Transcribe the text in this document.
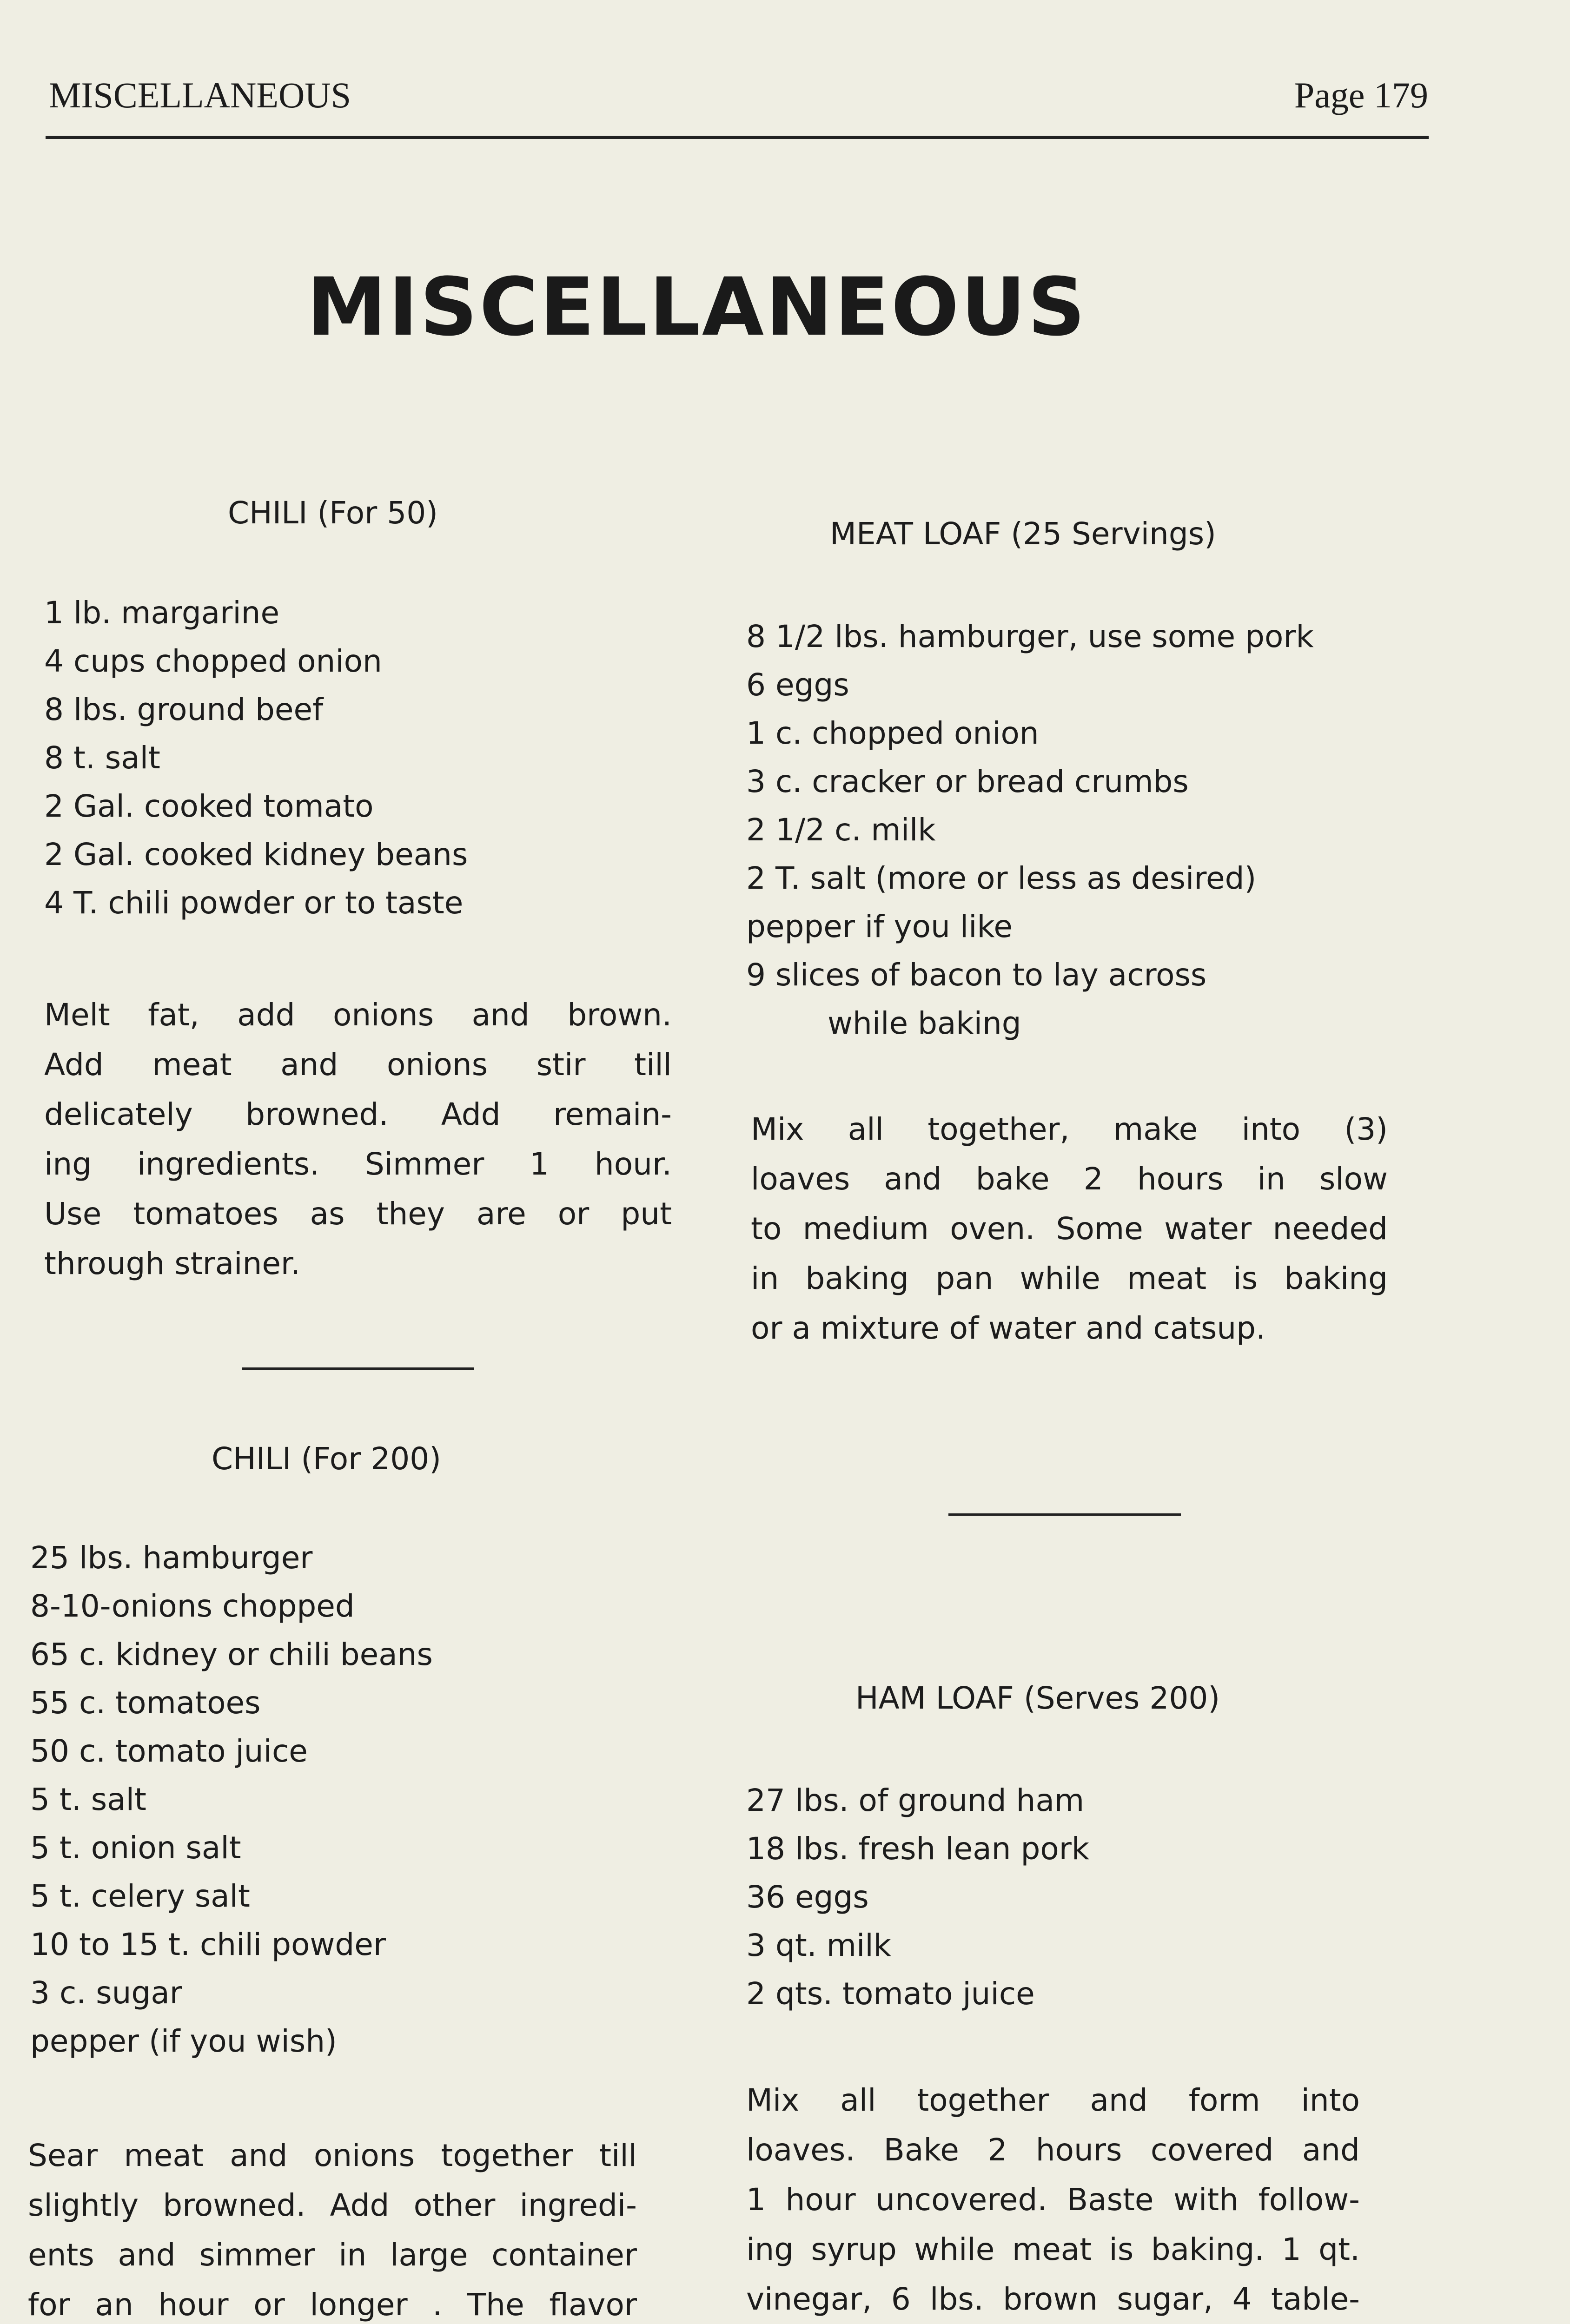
MISCELLANEOUS	Page 179
MISCELLANEOUS
CHILI (For 50)
1 lb. margarine
4 cups chopped onion
8 lbs. ground beef
8 t. salt
2 Gal. cooked tomato
2 Gal. cooked kidney beans
4 T. chili powder or to taste
Melt fat, add onions and brown.
Add meat and onions stir till
delicately browned. Add remain-
ing ingredients. Simmer 1 hour.
Use tomatoes as they are or put
through strainer.
CHILI (For 200)
25 lbs. hamburger
8-10-onions chopped
65 c. kidney or chili beans
55 c. tomatoes
50 c. tomato juice
5 t. salt
5 t. onion salt
5 t. celery salt
10 to 15 t. chili powder
3 c. sugar
pepper (if you wish)
Sear meat and onions together till
slightly browned. Add other ingredi-
ents and simmer in large container
for an hour or longer . The flavor
MEAT LOAF (25 Servings)
8 1/2 lbs. hamburger, use some pork
6 eggs
1 c. chopped onion
3 c. cracker or bread crumbs
2 1/2 c. milk
2 T. salt (more or less as desired)
pepper if you like
9 slices of bacon to lay across
while baking
Mix all together, make into (3)
loaves and bake 2 hours in slow
to medium oven. Some water needed
in baking pan while meat is baking
or a mixture of water and catsup.
HAM LOAF (Serves 200)
27 lbs. of ground ham
18 lbs. fresh lean pork
36 eggs
3 qt. milk
2 qts. tomato juice
Mix all together and form into
loaves. Bake 2 hours covered and
1 hour uncovered. Baste with follow-
ing syrup while meat is baking. 1 qt.
vinegar, 6 lbs. brown sugar, 4 table-
